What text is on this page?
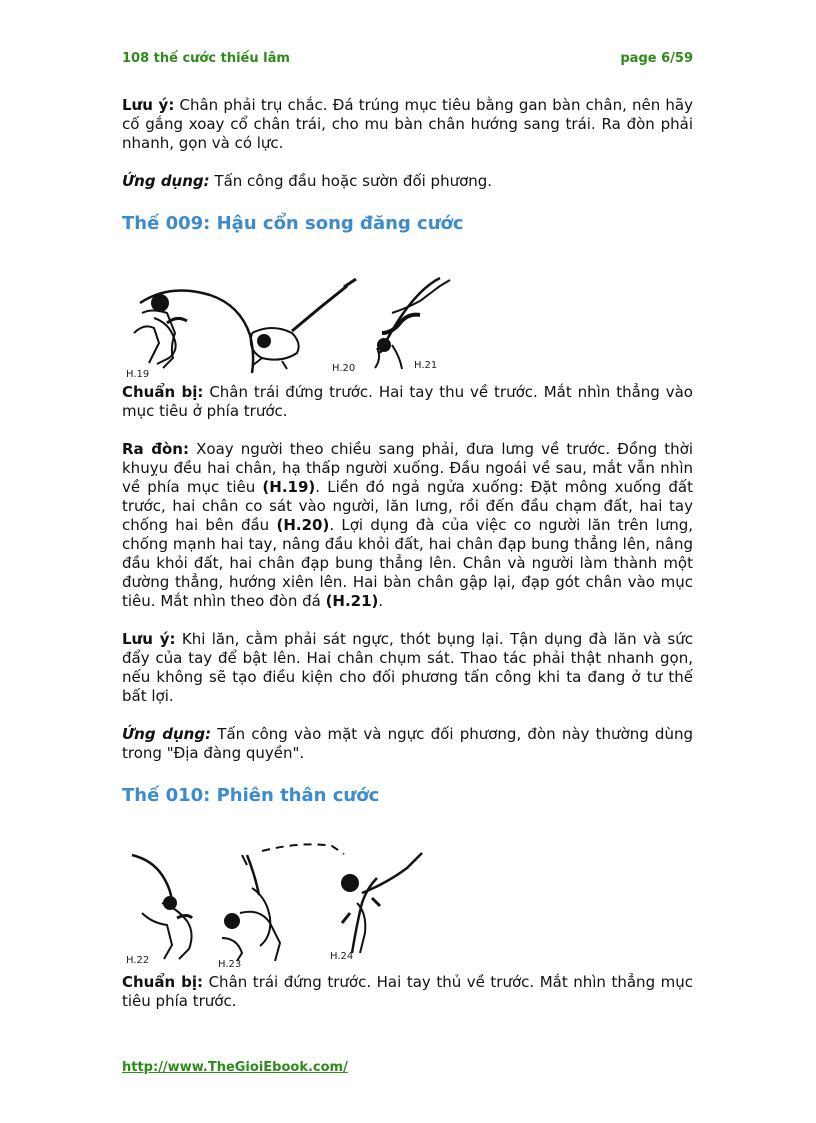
108 thế cước thiếu lâm	page 6/59

Lưu ý: Chân phải trụ chắc. Đá trúng mục tiêu bằng gan bàn chân, nên hãy cố gắng xoay cổ chân trái, cho mu bàn chân hướng sang trái. Ra đòn phải nhanh, gọn và có lực.

Ứng dụng: Tấn công đầu hoặc sườn đối phương.

Thế 009: Hậu cổn song đăng cước
H.19
H.20	H.21

Chuẩn bị: Chân trái đứng trước. Hai tay thu về trước. Mắt nhìn thẳng vào mục tiêu ở phía trước.

Ra đòn: Xoay người theo chiều sang phải, đưa lưng về trước. Đồng thời khuỵu đều hai chân, hạ thấp người xuống. Đầu ngoái về sau, mắt vẫn nhìn về phía mục tiêu (H.19). Liền đó ngả ngửa xuống: Đặt mông xuống đất trước, hai chân co sát vào người, lăn lưng, rồi đến đầu chạm đất, hai tay chống hai bên đầu (H.20). Lợi dụng đà của việc co người lăn trên lưng, chống mạnh hai tay, nâng đầu khỏi đất, hai chân đạp bung thẳng lên, nâng đầu khỏi đất, hai chân đạp bung thẳng lên. Chân và người làm thành một đường thẳng, hướng xiên lên. Hai bàn chân gập lại, đạp gót chân vào mục tiêu. Mắt nhìn theo đòn đá (H.21).

Lưu ý: Khi lăn, cằm phải sát ngực, thót bụng lại. Tận dụng đà lăn và sức đẩy của tay để bật lên. Hai chân chụm sát. Thao tác phải thật nhanh gọn, nếu không sẽ tạo điều kiện cho đối phương tấn công khi ta đang ở tư thế bất lợi.

Ứng dụng: Tấn công vào mặt và ngực đối phương, đòn này thường dùng trong "Địa đàng quyền".

Thế 010: Phiên thân cước
H.22	H.23
H.24

Chuẩn bị: Chân trái đứng trước. Hai tay thủ về trước. Mắt nhìn thẳng mục tiêu phía trước.

http://www.TheGioiEbook.com/
